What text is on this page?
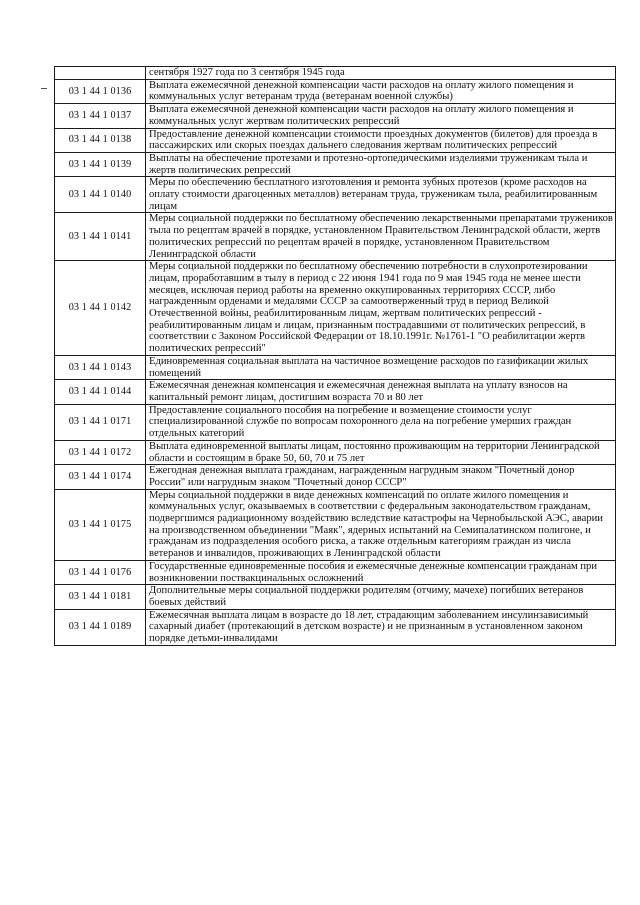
	сентября 1927 года по 3 сентября 1945 года
03 1 44 1 0136	Выплата ежемесячной денежной компенсации части расходов на оплату жилого помещения и коммунальных услуг ветеранам труда (ветеранам военной службы)
03 1 44 1 0137	Выплата ежемесячной денежной компенсации части расходов на оплату жилого помещения и коммунальных услуг жертвам политических репрессий
03 1 44 1 0138	Предоставление денежной компенсации стоимости проездных документов (билетов) для проезда в пассажирских или скорых поездах дальнего следования жертвам политических репрессий
03 1 44 1 0139	Выплаты на обеспечение протезами и протезно-ортопедическими изделиями труженикам тыла и жертв политических репрессий
03 1 44 1 0140	Меры по обеспечению бесплатного изготовления и ремонта зубных протезов (кроме расходов на оплату стоимости драгоценных металлов) ветеранам труда, труженикам тыла, реабилитированным лицам
03 1 44 1 0141	Меры социальной поддержки по бесплатному обеспечению лекарственными препаратами тружеников тыла по рецептам врачей в порядке, установленном Правительством Ленинградской области, жертв политических репрессий по рецептам врачей в порядке, установленном Правительством Ленинградской области
03 1 44 1 0142	Меры социальной поддержки по бесплатному обеспечению потребности в слухопротезировании лицам, проработавшим в тылу в период с 22 июня 1941 года по 9 мая 1945 года не менее шести месяцев, исключая период работы на временно оккупированных территориях СССР, либо награжденным орденами и медалями СССР за самоотверженный труд в период Великой Отечественной войны, реабилитированным лицам, жертвам политических репрессий - реабилитированным лицам и лицам, признанным пострадавшими от политических репрессий, в соответствии с Законом Российской Федерации от 18.10.1991г. №1761-1 "О реабилитации жертв политических репрессий"
03 1 44 1 0143	Единовременная социальная выплата на частичное возмещение расходов по газификации жилых помещений
03 1 44 1 0144	Ежемесячная денежная компенсация и ежемесячная денежная выплата на уплату взносов на капитальный ремонт лицам, достигшим возраста 70 и 80 лет
03 1 44 1 0171	Предоставление социального пособия на погребение и возмещение стоимости услуг специализированной службе по вопросам похоронного дела на погребение умерших граждан отдельных категорий
03 1 44 1 0172	Выплата единовременной выплаты лицам, постоянно проживающим на территории Ленинградской области и состоящим в браке 50, 60, 70 и 75 лет
03 1 44 1 0174	Ежегодная денежная выплата гражданам, награжденным нагрудным знаком "Почетный донор России" или нагрудным знаком "Почетный донор СССР"
03 1 44 1 0175	Меры социальной поддержки в виде денежных компенсаций по оплате жилого помещения и коммунальных услуг, оказываемых в соответствии с федеральным законодательством гражданам, подвергшимся радиационному воздействию вследствие катастрофы на Чернобыльской АЭС, аварии на производственном объединении "Маяк", ядерных испытаний на Семипалатинском полигоне, и гражданам из подразделения особого риска, а также отдельным категориям граждан из числа ветеранов и инвалидов, проживающих в Ленинградской области
03 1 44 1 0176	Государственные единовременные пособия и ежемесячные денежные компенсации гражданам при возникновении поствакцинальных осложнений
03 1 44 1 0181	Дополнительные меры социальной поддержки родителям (отчиму, мачехе) погибших ветеранов боевых действий
03 1 44 1 0189	Ежемесячная выплата лицам в возрасте до 18 лет, страдающим заболеванием инсулинзависимый сахарный диабет (протекающий в детском возрасте) и не признанным в установленном законом порядке детьми-инвалидами
